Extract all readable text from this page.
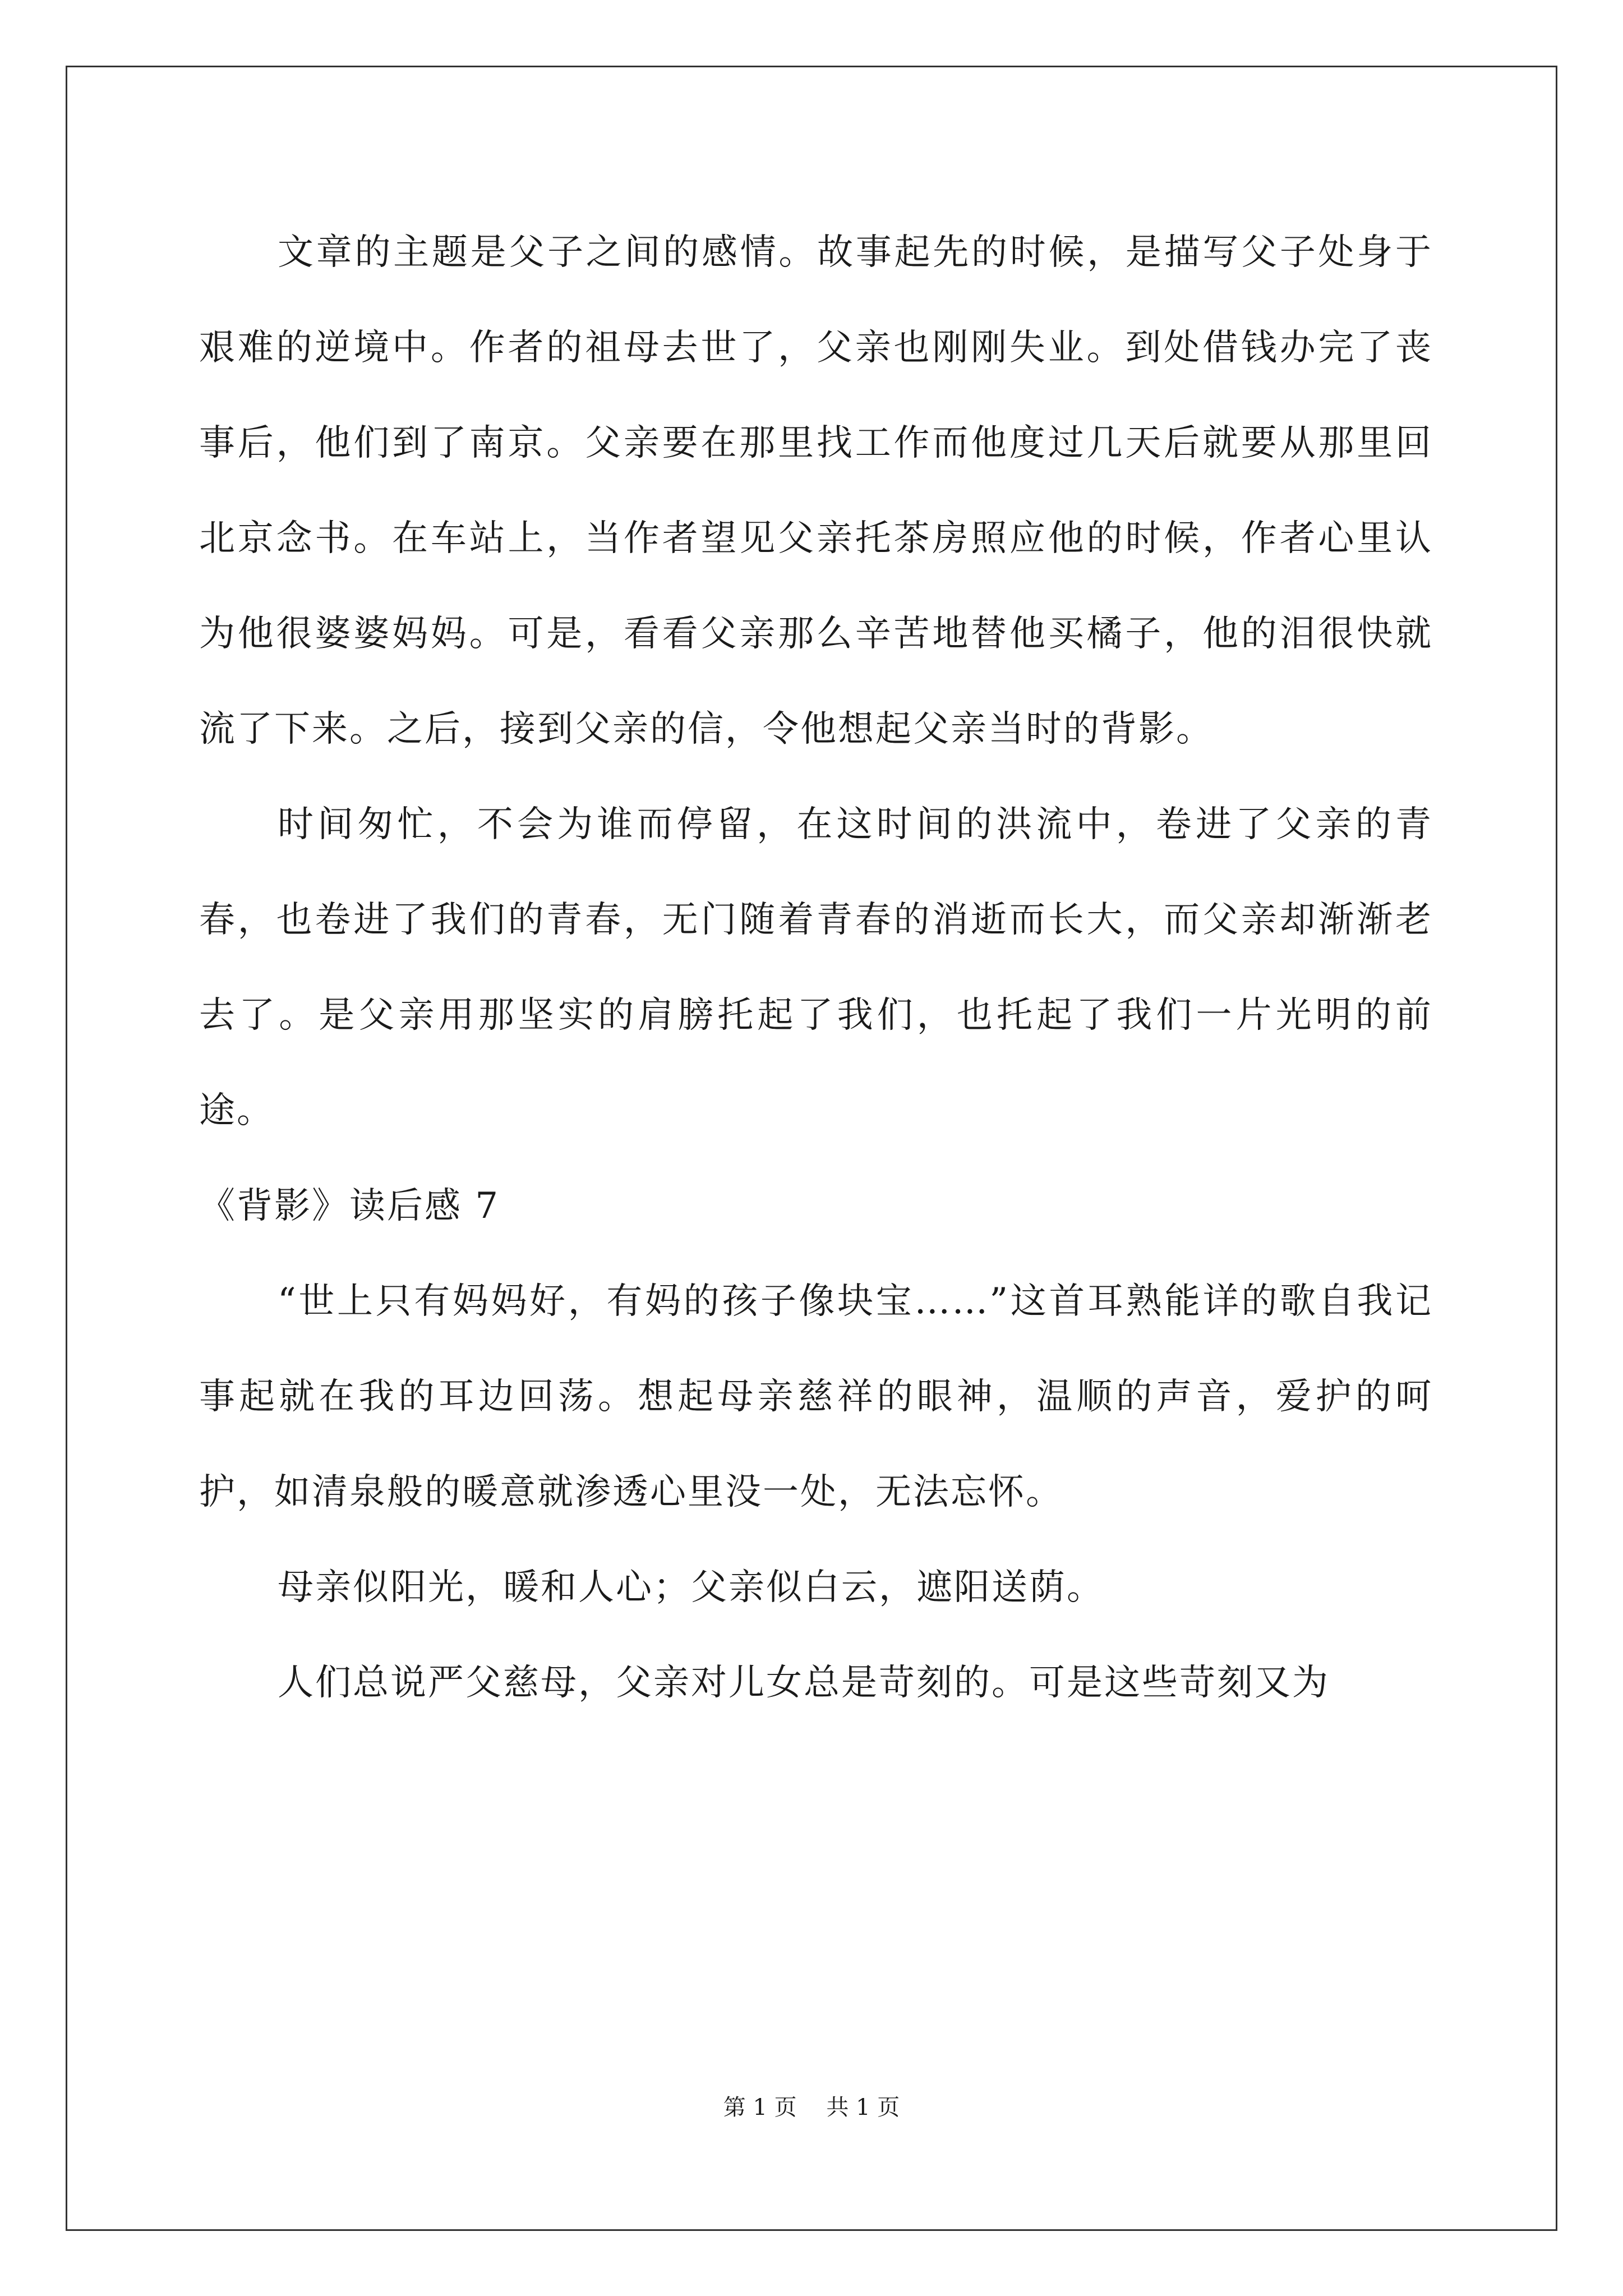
文章的主题是父子之间的感情。故事起先的时候，是描写父子处身于艰难的逆境中。作者的祖母去世了，父亲也刚刚失业。到处借钱办完了丧事后，他们到了南京。父亲要在那里找工作而他度过几天后就要从那里回北京念书。在车站上，当作者望见父亲托茶房照应他的时候，作者心里认为他很婆婆妈妈。可是，看看父亲那么辛苦地替他买橘子，他的泪很快就流了下来。之后，接到父亲的信，令他想起父亲当时的背影。

时间匆忙，不会为谁而停留，在这时间的洪流中，卷进了父亲的青春，也卷进了我们的青春，无门随着青春的消逝而长大，而父亲却渐渐老去了。是父亲用那坚实的肩膀托起了我们，也托起了我们一片光明的前途。

《背影》读后感 7

“世上只有妈妈好，有妈的孩子像块宝……”这首耳熟能详的歌自我记事起就在我的耳边回荡。想起母亲慈祥的眼神，温顺的声音，爱护的呵护，如清泉般的暖意就渗透心里没一处，无法忘怀。

母亲似阳光，暖和人心；父亲似白云，遮阳送荫。

人们总说严父慈母，父亲对儿女总是苛刻的。可是这些苛刻又为

第 1 页 共 1 页
